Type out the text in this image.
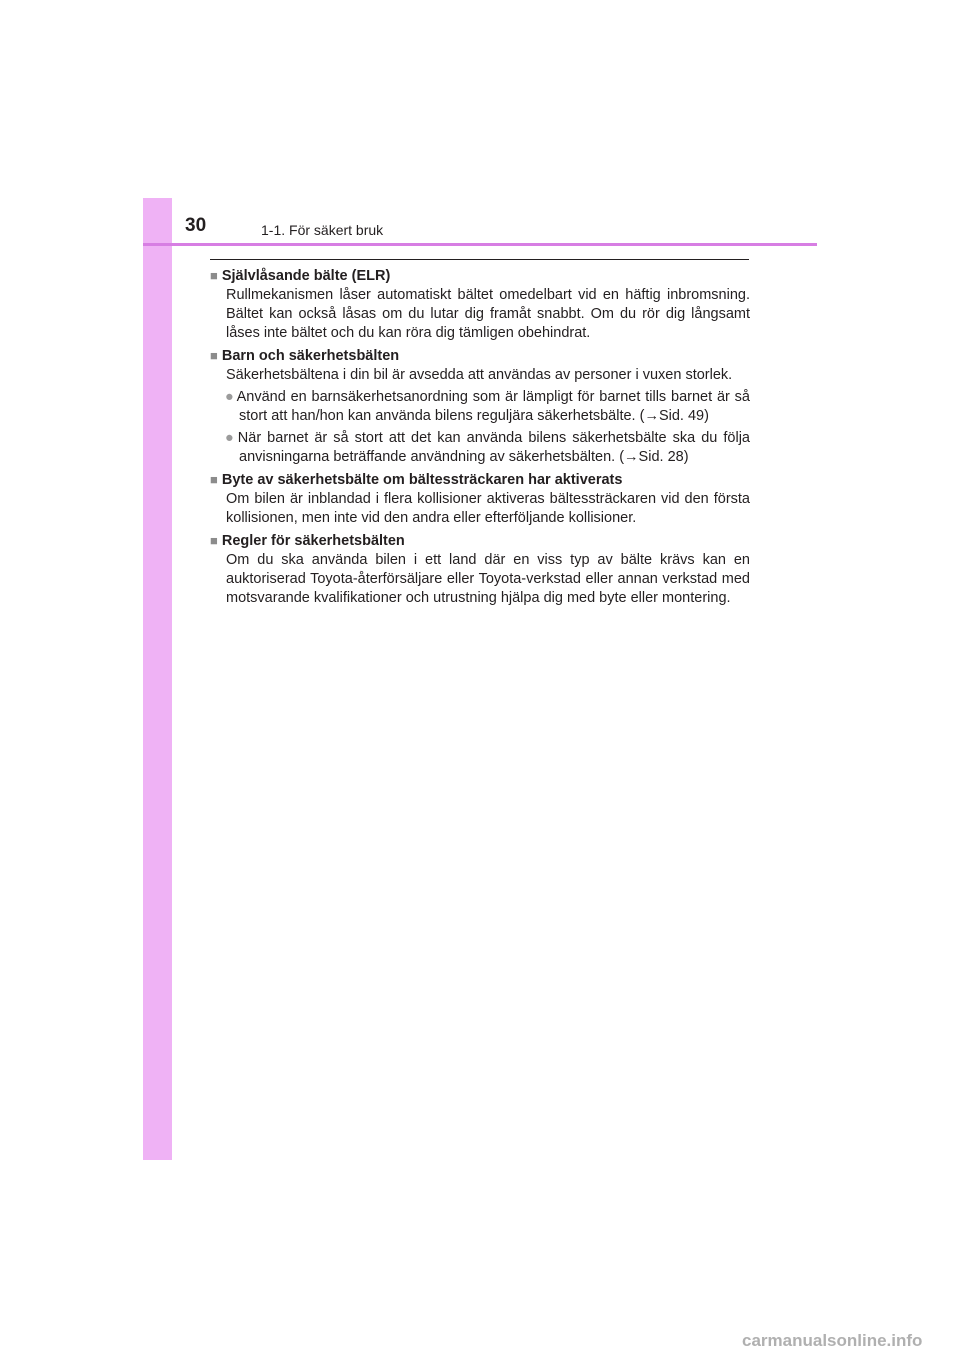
30	1-1. För säkert bruk
■ Självlåsande bälte (ELR)
Rullmekanismen låser automatiskt bältet omedelbart vid en häftig inbromsning. Bältet kan också låsas om du lutar dig framåt snabbt. Om du rör dig långsamt låses inte bältet och du kan röra dig tämligen obehindrat.
■ Barn och säkerhetsbälten
Säkerhetsbältena i din bil är avsedda att användas av personer i vuxen storlek.
● Använd en barnsäkerhetsanordning som är lämpligt för barnet tills barnet är så stort att han/hon kan använda bilens reguljära säkerhetsbälte. (→Sid. 49)
● När barnet är så stort att det kan använda bilens säkerhetsbälte ska du följa anvisningarna beträffande användning av säkerhetsbälten. (→Sid. 28)
■ Byte av säkerhetsbälte om bältessträckaren har aktiverats
Om bilen är inblandad i flera kollisioner aktiveras bältessträckaren vid den första kollisionen, men inte vid den andra eller efterföljande kollisioner.
■ Regler för säkerhetsbälten
Om du ska använda bilen i ett land där en viss typ av bälte krävs kan en auktoriserad Toyota-återförsäljare eller Toyota-verkstad eller annan verkstad med motsvarande kvalifikationer och utrustning hjälpa dig med byte eller montering.
carmanualsonline.info
